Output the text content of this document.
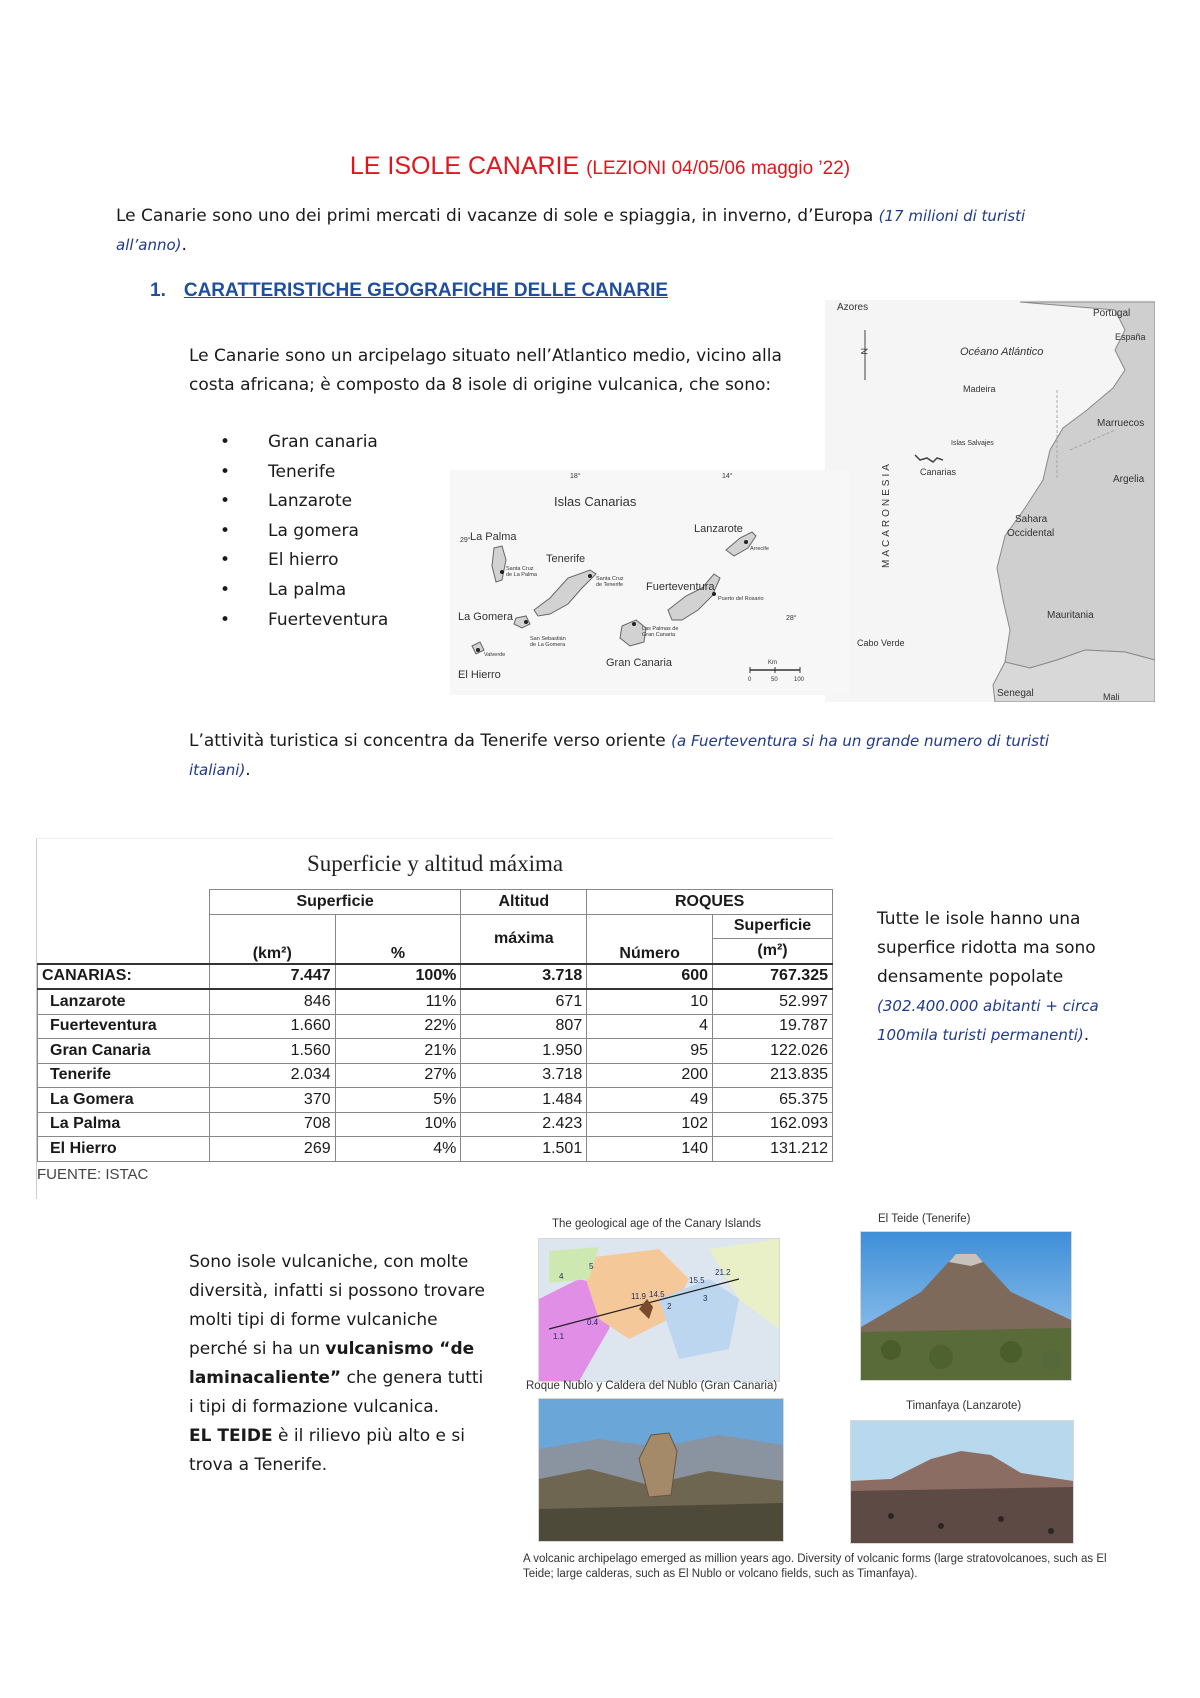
LE ISOLE CANARIE (LEZIONI 04/05/06 maggio ’22)
Le Canarie sono uno dei primi mercati di vacanze di sole e spiaggia, in inverno, d’Europa (17 milioni di turisti all’anno).
1. CARATTERISTICHE GEOGRAFICHE DELLE CANARIE
Le Canarie sono un arcipelago situato nell’Atlantico medio, vicino alla costa africana; è composto da 8 isole di origine vulcanica, che sono:
• Gran canaria
• Tenerife
• Lanzarote
• La gomera
• El hierro
• La palma
• Fuerteventura
Azores
Portugal
España
Océano Atlántico
Madeira
Marruecos
Islas Salvajes
Canarias
Argelia
MACARONESIA	Sahara
Occidental
Mauritania
Cabo Verde
Senegal	Mali
N
18°	14°
29°
28°
Islas Canarias
La Palma
Tenerife
Lanzarote
Fuerteventura
La Gomera
El Hierro
Gran Canaria
Santa Cruz
de La Palma
Santa Cruz
de Tenerife
Arrecife
Puerto del Rosario
Las Palmas de
Gran Canaria
San Sebastián
de La Gomera
Valverde
Km
0	50	100
L’attività turistica si concentra da Tenerife verso oriente (a Fuerteventura si ha un grande numero di turisti italiani).
Superficie y altitud máxima
	Superficie		Altitud	ROQUES	
	(km²)	%	máxima	Número	Superficie
					(m²)
CANARIAS:	7.447	100%	3.718	600	767.325
Lanzarote	846	11%	671	10	52.997
Fuerteventura	1.660	22%	807	4	19.787
Gran Canaria	1.560	21%	1.950	95	122.026
Tenerife	2.034	27%	3.718	200	213.835
La Gomera	370	5%	1.484	49	65.375
La Palma	708	10%	2.423	102	162.093
El Hierro	269	4%	1.501	140	131.212
FUENTE: ISTAC
Tutte le isole hanno una superfice ridotta ma sono densamente popolate (302.400.000 abitanti + circa 100mila turisti permanenti).
Sono isole vulcaniche, con molte diversità, infatti si possono trovare molti tipi di forme vulcaniche perché si ha un vulcanismo “de laminacaliente” che genera tutti i tipi di formazione vulcanica.
EL TEIDE è il rilievo più alto e si trova a Tenerife.
The geological age of the Canary Islands
1.1
0.4
4
5
2
3
11.9 14.5
15.5
21.2
El Teide (Tenerife)
Roque Nublo y Caldera del Nublo (Gran Canaria)
Timanfaya (Lanzarote)
A volcanic archipelago emerged as million years ago. Diversity of volcanic forms (large stratovolcanoes, such as El Teide; large calderas, such as El Nublo or volcano fields, such as Timanfaya).
